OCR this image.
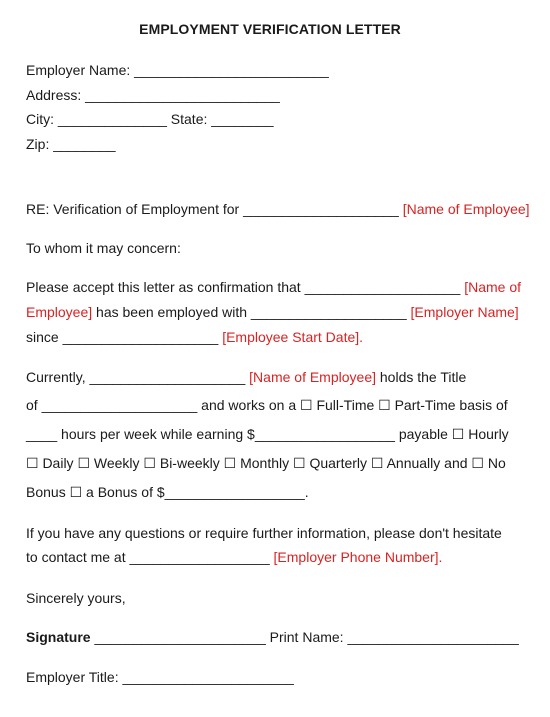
EMPLOYMENT VERIFICATION LETTER
Employer Name: _________________________
Address: _________________________
City: ______________ State: ________
Zip: ________
RE: Verification of Employment for ____________________ [Name of Employee]
To whom it may concern:
Please accept this letter as confirmation that ____________________ [Name of
Employee] has been employed with ____________________ [Employer Name]
since ____________________ [Employee Start Date].
Currently, ____________________ [Name of Employee] holds the Title
of ____________________ and works on a ☐ Full-Time ☐ Part-Time basis of
____ hours per week while earning $__________________ payable ☐ Hourly
☐ Daily ☐ Weekly ☐ Bi-weekly ☐ Monthly ☐ Quarterly ☐ Annually and ☐ No
Bonus ☐ a Bonus of $__________________.
If you have any questions or require further information, please don't hesitate
to contact me at __________________ [Employer Phone Number].
Sincerely yours,
Signature ______________________ Print Name: ______________________
Employer Title: ______________________
